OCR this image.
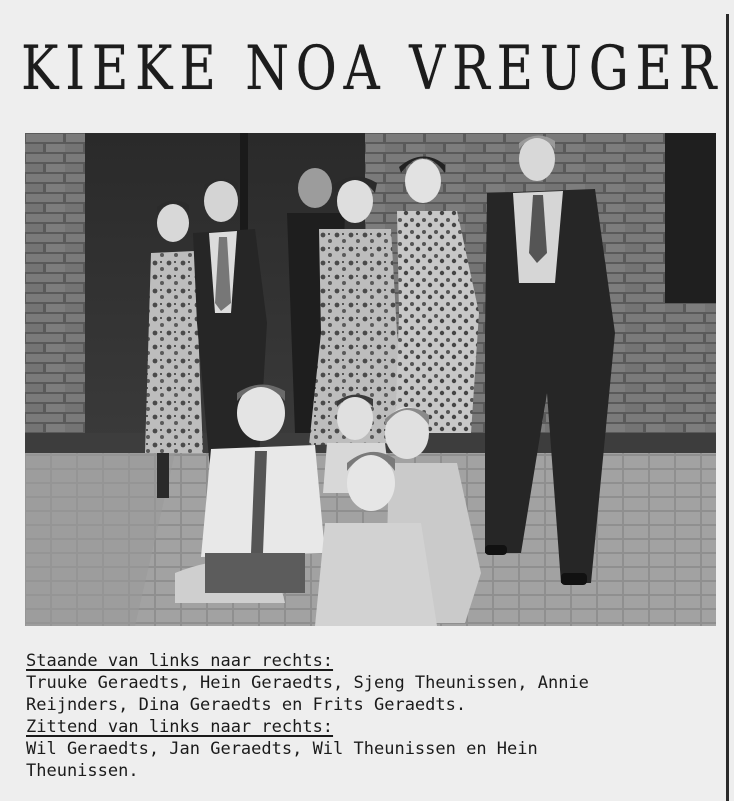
KIEKE NOA VREUGER
Staande van links naar rechts:
Truuke Geraedts, Hein Geraedts, Sjeng Theunissen, Annie
Reijnders, Dina Geraedts en Frits Geraedts.
Zittend van links naar rechts:
Wil Geraedts, Jan Geraedts, Wil Theunissen en Hein
Theunissen.
